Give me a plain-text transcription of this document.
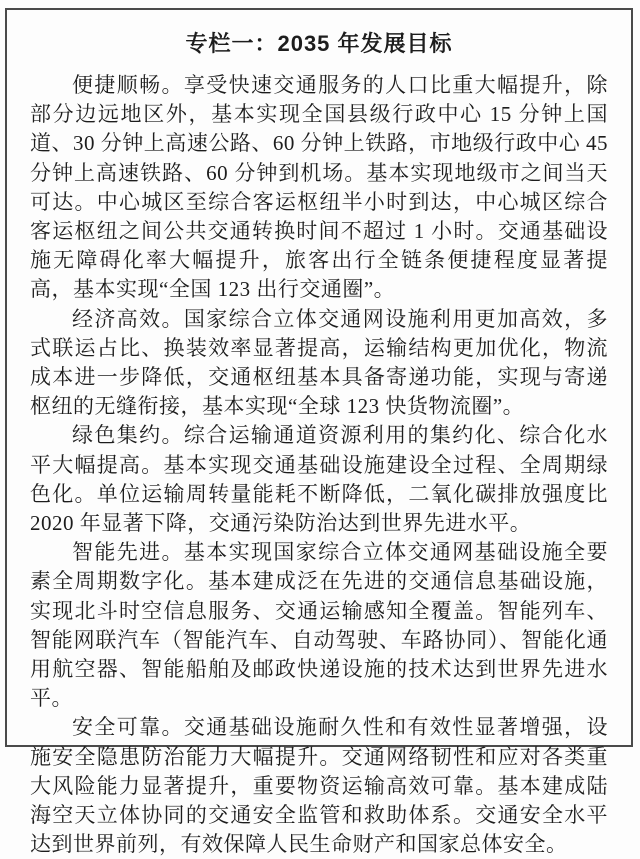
专栏一：2035 年发展目标

便捷顺畅。享受快速交通服务的人口比重大幅提升，除部分边远地区外，基本实现全国县级行政中心 15 分钟上国道、30 分钟上高速公路、60 分钟上铁路，市地级行政中心 45 分钟上高速铁路、60 分钟到机场。基本实现地级市之间当天可达。中心城区至综合客运枢纽半小时到达，中心城区综合客运枢纽之间公共交通转换时间不超过 1 小时。交通基础设施无障碍化率大幅提升，旅客出行全链条便捷程度显著提高，基本实现“全国 123 出行交通圈”。

经济高效。国家综合立体交通网设施利用更加高效，多式联运占比、换装效率显著提高，运输结构更加优化，物流成本进一步降低，交通枢纽基本具备寄递功能，实现与寄递枢纽的无缝衔接，基本实现“全球 123 快货物流圈”。

绿色集约。综合运输通道资源利用的集约化、综合化水平大幅提高。基本实现交通基础设施建设全过程、全周期绿色化。单位运输周转量能耗不断降低，二氧化碳排放强度比 2020 年显著下降，交通污染防治达到世界先进水平。

智能先进。基本实现国家综合立体交通网基础设施全要素全周期数字化。基本建成泛在先进的交通信息基础设施，实现北斗时空信息服务、交通运输感知全覆盖。智能列车、智能网联汽车（智能汽车、自动驾驶、车路协同）、智能化通用航空器、智能船舶及邮政快递设施的技术达到世界先进水平。

安全可靠。交通基础设施耐久性和有效性显著增强，设施安全隐患防治能力大幅提升。交通网络韧性和应对各类重大风险能力显著提升，重要物资运输高效可靠。基本建成陆海空天立体协同的交通安全监管和救助体系。交通安全水平达到世界前列，有效保障人民生命财产和国家总体安全。
